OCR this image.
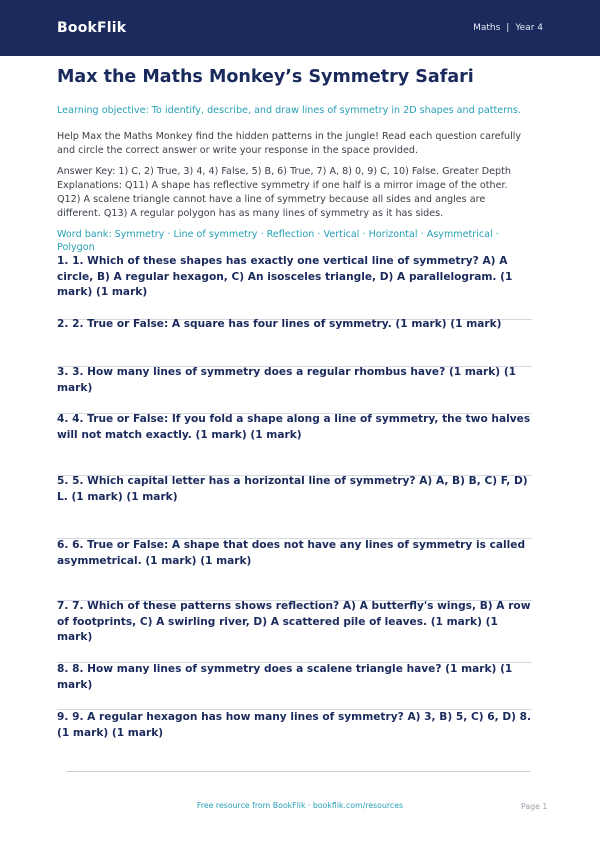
BookFlik	Maths | Year 4
Max the Maths Monkey’s Symmetry Safari
Learning objective: To identify, describe, and draw lines of symmetry in 2D shapes and patterns.
Help Max the Maths Monkey find the hidden patterns in the jungle! Read each question carefully and circle the correct answer or write your response in the space provided.
Answer Key: 1) C, 2) True, 3) 4, 4) False, 5) B, 6) True, 7) A, 8) 0, 9) C, 10) False. Greater Depth Explanations: Q11) A shape has reflective symmetry if one half is a mirror image of the other. Q12) A scalene triangle cannot have a line of symmetry because all sides and angles are different. Q13) A regular polygon has as many lines of symmetry as it has sides.
Word bank: Symmetry · Line of symmetry · Reflection · Vertical · Horizontal · Asymmetrical · Polygon
1. 1. Which of these shapes has exactly one vertical line of symmetry? A) A circle, B) A regular hexagon, C) An isosceles triangle, D) A parallelogram. (1 mark) (1 mark)
2. 2. True or False: A square has four lines of symmetry. (1 mark) (1 mark)
3. 3. How many lines of symmetry does a regular rhombus have? (1 mark) (1 mark)
4. 4. True or False: If you fold a shape along a line of symmetry, the two halves will not match exactly. (1 mark) (1 mark)
5. 5. Which capital letter has a horizontal line of symmetry? A) A, B) B, C) F, D) L. (1 mark) (1 mark)
6. 6. True or False: A shape that does not have any lines of symmetry is called asymmetrical. (1 mark) (1 mark)
7. 7. Which of these patterns shows reflection? A) A butterfly's wings, B) A row of footprints, C) A swirling river, D) A scattered pile of leaves. (1 mark) (1 mark)
8. 8. How many lines of symmetry does a scalene triangle have? (1 mark) (1 mark)
9. 9. A regular hexagon has how many lines of symmetry? A) 3, B) 5, C) 6, D) 8. (1 mark) (1 mark)
Free resource from BookFlik · bookflik.com/resources	Page 1
